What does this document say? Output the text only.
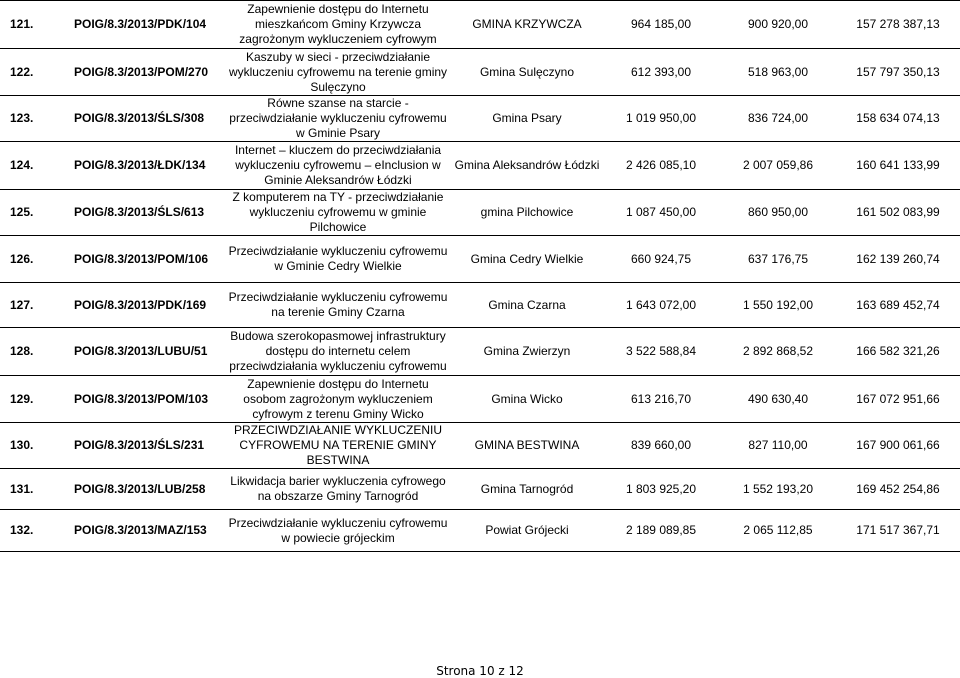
121.	POIG/8.3/2013/PDK/104	Zapewnienie dostępu do Internetu mieszkańcom Gminy Krzywcza zagrożonym wykluczeniem cyfrowym	GMINA KRZYWCZA	964 185,00	900 920,00	157 278 387,13
122.	POIG/8.3/2013/POM/270	Kaszuby w sieci - przeciwdziałanie wykluczeniu cyfrowemu na terenie gminy Sulęczyno	Gmina Sulęczyno	612 393,00	518 963,00	157 797 350,13
123.	POIG/8.3/2013/ŚLS/308	Równe szanse na starcie - przeciwdziałanie wykluczeniu cyfrowemu w Gminie Psary	Gmina Psary	1 019 950,00	836 724,00	158 634 074,13
124.	POIG/8.3/2013/ŁDK/134	Internet – kluczem do przeciwdziałania wykluczeniu cyfrowemu – eInclusion w Gminie Aleksandrów Łódzki	Gmina Aleksandrów Łódzki	2 426 085,10	2 007 059,86	160 641 133,99
125.	POIG/8.3/2013/ŚLS/613	Z komputerem na TY - przeciwdziałanie wykluczeniu cyfrowemu w gminie Pilchowice	gmina Pilchowice	1 087 450,00	860 950,00	161 502 083,99
126.	POIG/8.3/2013/POM/106	Przeciwdziałanie wykluczeniu cyfrowemu w Gminie Cedry Wielkie	Gmina Cedry Wielkie	660 924,75	637 176,75	162 139 260,74
127.	POIG/8.3/2013/PDK/169	Przeciwdziałanie wykluczeniu cyfrowemu na terenie Gminy Czarna	Gmina Czarna	1 643 072,00	1 550 192,00	163 689 452,74
128.	POIG/8.3/2013/LUBU/51	Budowa szerokopasmowej infrastruktury dostępu do internetu celem przeciwdziałania wykluczeniu cyfrowemu	Gmina Zwierzyn	3 522 588,84	2 892 868,52	166 582 321,26
129.	POIG/8.3/2013/POM/103	Zapewnienie dostępu do Internetu osobom zagrożonym wykluczeniem cyfrowym z terenu Gminy Wicko	Gmina Wicko	613 216,70	490 630,40	167 072 951,66
130.	POIG/8.3/2013/ŚLS/231	PRZECIWDZIAŁANIE WYKLUCZENIU CYFROWEMU NA TERENIE GMINY BESTWINA	GMINA BESTWINA	839 660,00	827 110,00	167 900 061,66
131.	POIG/8.3/2013/LUB/258	Likwidacja barier wykluczenia cyfrowego na obszarze Gminy Tarnogród	Gmina Tarnogród	1 803 925,20	1 552 193,20	169 452 254,86
132.	POIG/8.3/2013/MAZ/153	Przeciwdziałanie wykluczeniu cyfrowemu w powiecie grójeckim	Powiat Grójecki	2 189 089,85	2 065 112,85	171 517 367,71
Strona 10 z 12
